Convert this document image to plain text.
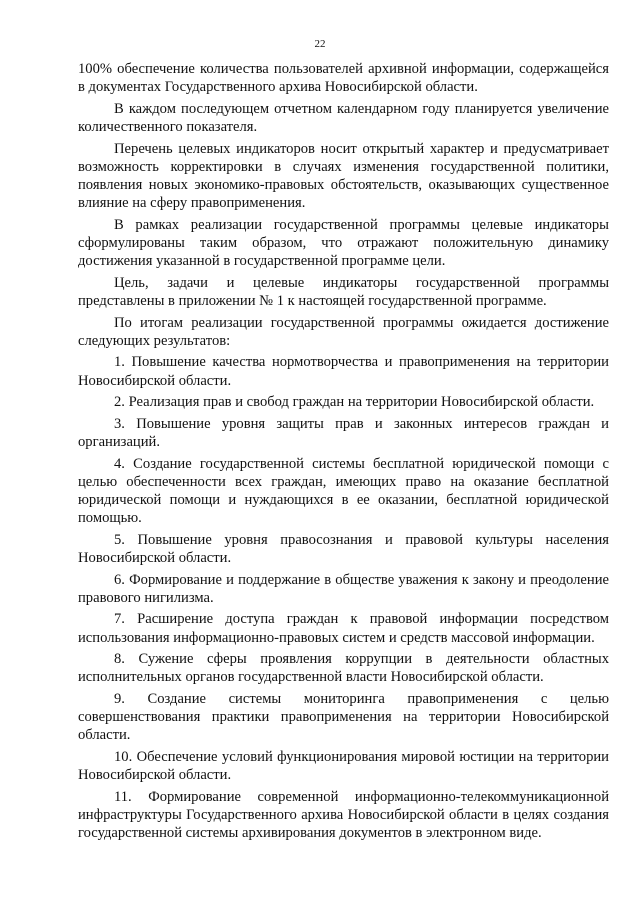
22

100% обеспечение количества пользователей архивной информации, содержащейся в документах Государственного архива Новосибирской области.

В каждом последующем отчетном календарном году планируется увеличение количественного показателя.

Перечень целевых индикаторов носит открытый характер и предусматривает возможность корректировки в случаях изменения государственной политики, появления новых экономико-правовых обстоятельств, оказывающих существенное влияние на сферу правоприменения.

В рамках реализации государственной программы целевые индикаторы сформулированы таким образом, что отражают положительную динамику достижения указанной в государственной программе цели.

Цель, задачи и целевые индикаторы государственной программы представлены в приложении № 1 к настоящей государственной программе.

По итогам реализации государственной программы ожидается достижение следующих результатов:

1. Повышение качества нормотворчества и правоприменения на территории Новосибирской области.

2. Реализация прав и свобод граждан на территории Новосибирской области.

3. Повышение уровня защиты прав и законных интересов граждан и организаций.

4. Создание государственной системы бесплатной юридической помощи с целью обеспеченности всех граждан, имеющих право на оказание бесплатной юридической помощи и нуждающихся в ее оказании, бесплатной юридической помощью.

5. Повышение уровня правосознания и правовой культуры населения Новосибирской области.

6. Формирование и поддержание в обществе уважения к закону и преодоление правового нигилизма.

7. Расширение доступа граждан к правовой информации посредством использования информационно-правовых систем и средств массовой информации.

8. Сужение сферы проявления коррупции в деятельности областных исполнительных органов государственной власти Новосибирской области.

9. Создание системы мониторинга правоприменения с целью совершенствования практики правоприменения на территории Новосибирской области.

10. Обеспечение условий функционирования мировой юстиции на территории Новосибирской области.

11. Формирование современной информационно-телекоммуникационной инфраструктуры Государственного архива Новосибирской области в целях создания государственной системы архивирования документов в электронном виде.
